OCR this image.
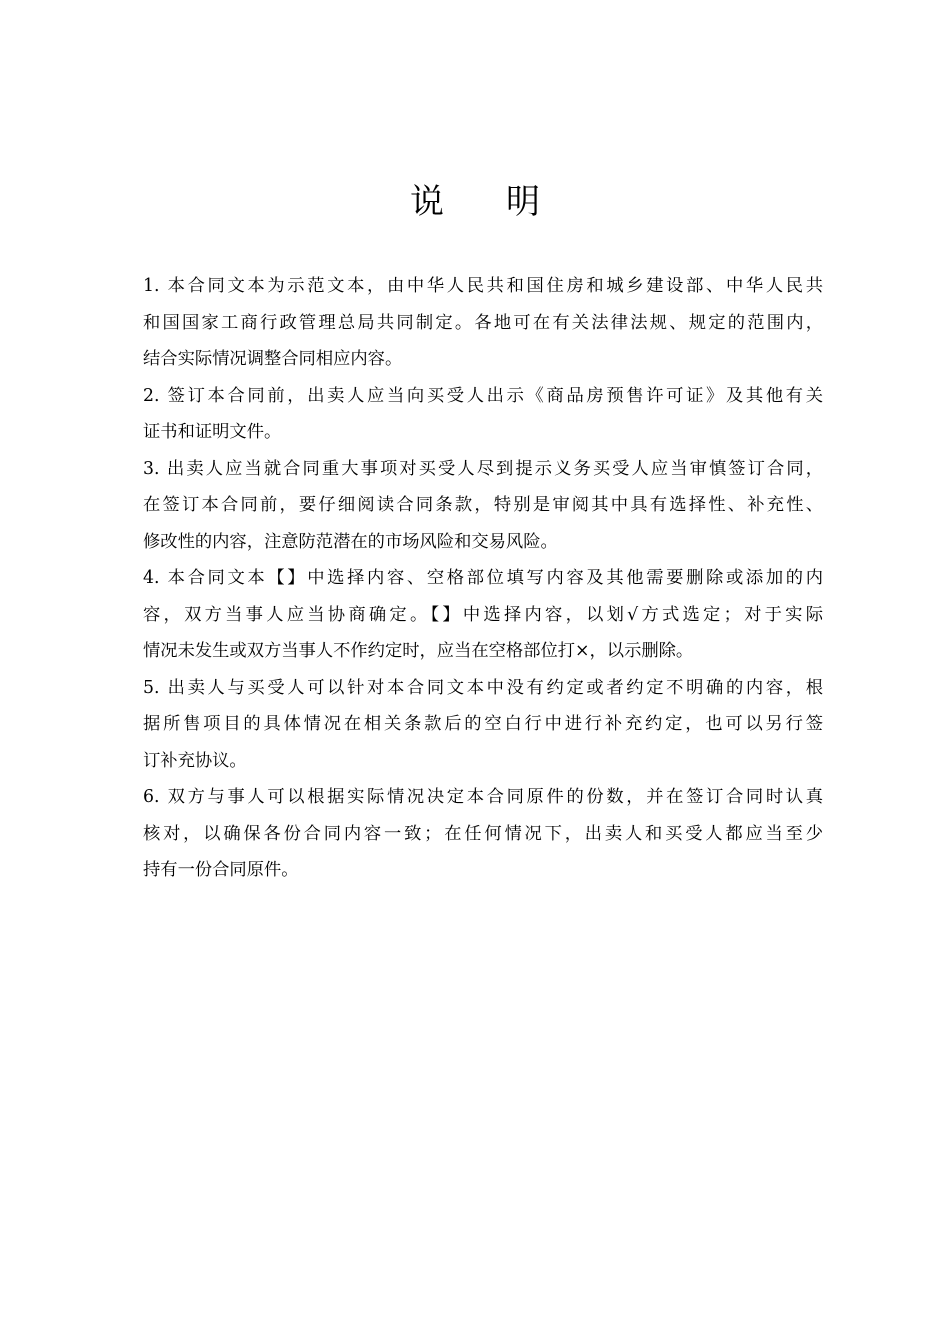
说 明

1. 本合同文本为示范文本，由中华人民共和国住房和城乡建设部、中华人民共
和国国家工商行政管理总局共同制定。各地可在有关法律法规、规定的范围内，
结合实际情况调整合同相应内容。

2. 签订本合同前，出卖人应当向买受人出示《商品房预售许可证》及其他有关
证书和证明文件。

3. 出卖人应当就合同重大事项对买受人尽到提示义务买受人应当审慎签订合同，
在签订本合同前，要仔细阅读合同条款，特别是审阅其中具有选择性、补充性、
修改性的内容，注意防范潜在的市场风险和交易风险。

4. 本合同文本【】中选择内容、空格部位填写内容及其他需要删除或添加的内
容，双方当事人应当协商确定。【】中选择内容，以划√方式选定；对于实际
情况未发生或双方当事人不作约定时，应当在空格部位打×，以示删除。

5. 出卖人与买受人可以针对本合同文本中没有约定或者约定不明确的内容，根
据所售项目的具体情况在相关条款后的空白行中进行补充约定，也可以另行签
订补充协议。

6. 双方与事人可以根据实际情况决定本合同原件的份数，并在签订合同时认真
核对，以确保各份合同内容一致；在任何情况下，出卖人和买受人都应当至少
持有一份合同原件。
